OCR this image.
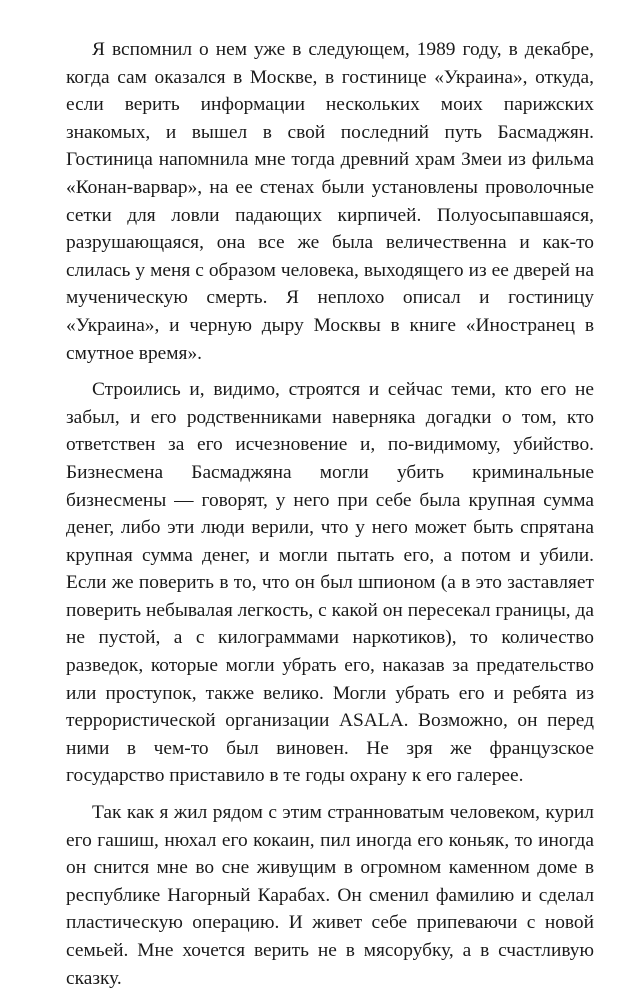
Я вспомнил о нем уже в следующем, 1989 году, в декабре, когда сам оказался в Москве, в гостинице «Украина», откуда, если верить информации нескольких моих парижских знакомых, и вышел в свой последний путь Басмаджян. Гостиница напомнила мне тогда древний храм Змеи из фильма «Конан-варвар», на ее стенах были установлены проволочные сетки для ловли падающих кирпичей. Полуосыпавшаяся, разрушающаяся, она все же была величественна и как-то слилась у меня с образом человека, выходящего из ее дверей на мученическую смерть. Я неплохо описал и гостиницу «Украина», и черную дыру Москвы в книге «Иностранец в смутное время».

Строились и, видимо, строятся и сейчас теми, кто его не забыл, и его родственниками наверняка догадки о том, кто ответствен за его исчезновение и, по-видимому, убийство. Бизнесмена Басмаджяна могли убить криминальные бизнесмены — говорят, у него при себе была крупная сумма денег, либо эти люди верили, что у него может быть спрятана крупная сумма денег, и могли пытать его, а потом и убили. Если же поверить в то, что он был шпионом (а в это заставляет поверить небывалая легкость, с какой он пересекал границы, да не пустой, а с килограммами наркотиков), то количество разведок, которые могли убрать его, наказав за предательство или проступок, также велико. Могли убрать его и ребята из террористической организации ASALA. Возможно, он перед ними в чем-то был виновен. Не зря же французское государство приставило в те годы охрану к его галерее.

Так как я жил рядом с этим странноватым человеком, курил его гашиш, нюхал его кокаин, пил иногда его коньяк, то иногда он снится мне во сне живущим в огромном каменном доме в республике Нагорный Карабах. Он сменил фамилию и сделал пластическую операцию. И живет себе припеваючи с новой семьей. Мне хочется верить не в мясорубку, а в счастливую сказку.
